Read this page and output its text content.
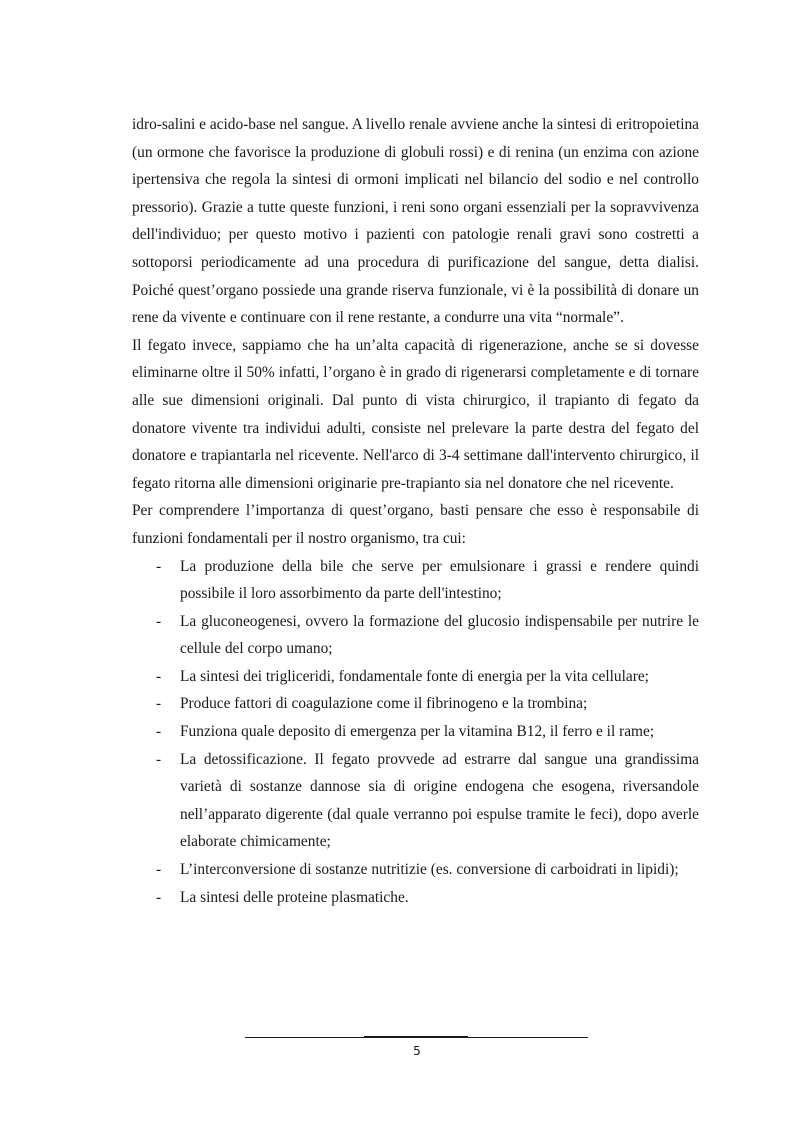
idro-salini e acido-base nel sangue. A livello renale avviene anche la sintesi di eritropoietina (un ormone che favorisce la produzione di globuli rossi) e di renina (un enzima con azione ipertensiva che regola la sintesi di ormoni implicati nel bilancio del sodio e nel controllo pressorio). Grazie a tutte queste funzioni, i reni sono organi essenziali per la sopravvivenza dell'individuo; per questo motivo i pazienti con patologie renali gravi sono costretti a sottoporsi periodicamente ad una procedura di purificazione del sangue, detta dialisi. Poiché quest’organo possiede una grande riserva funzionale, vi è la possibilità di donare un rene da vivente e continuare con il rene restante, a condurre una vita “normale”.

Il fegato invece, sappiamo che ha un’alta capacità di rigenerazione, anche se si dovesse eliminarne oltre il 50% infatti, l’organo è in grado di rigenerarsi completamente e di tornare alle sue dimensioni originali. Dal punto di vista chirurgico, il trapianto di fegato da donatore vivente tra individui adulti, consiste nel prelevare la parte destra del fegato del donatore e trapiantarla nel ricevente. Nell'arco di 3-4 settimane dall'intervento chirurgico, il fegato ritorna alle dimensioni originarie pre-trapianto sia nel donatore che nel ricevente.

Per comprendere l’importanza di quest’organo, basti pensare che esso è responsabile di funzioni fondamentali per il nostro organismo, tra cui:

- La produzione della bile che serve per emulsionare i grassi e rendere quindi possibile il loro assorbimento da parte dell'intestino;
- La gluconeogenesi, ovvero la formazione del glucosio indispensabile per nutrire le cellule del corpo umano;
- La sintesi dei trigliceridi, fondamentale fonte di energia per la vita cellulare;
- Produce fattori di coagulazione come il fibrinogeno e la trombina;
- Funziona quale deposito di emergenza per la vitamina B12, il ferro e il rame;
- La detossificazione. Il fegato provvede ad estrarre dal sangue una grandissima varietà di sostanze dannose sia di origine endogena che esogena, riversandole nell’apparato digerente (dal quale verranno poi espulse tramite le feci), dopo averle elaborate chimicamente;
- L’interconversione di sostanze nutritizie (es. conversione di carboidrati in lipidi);
- La sintesi delle proteine plasmatiche.
5
